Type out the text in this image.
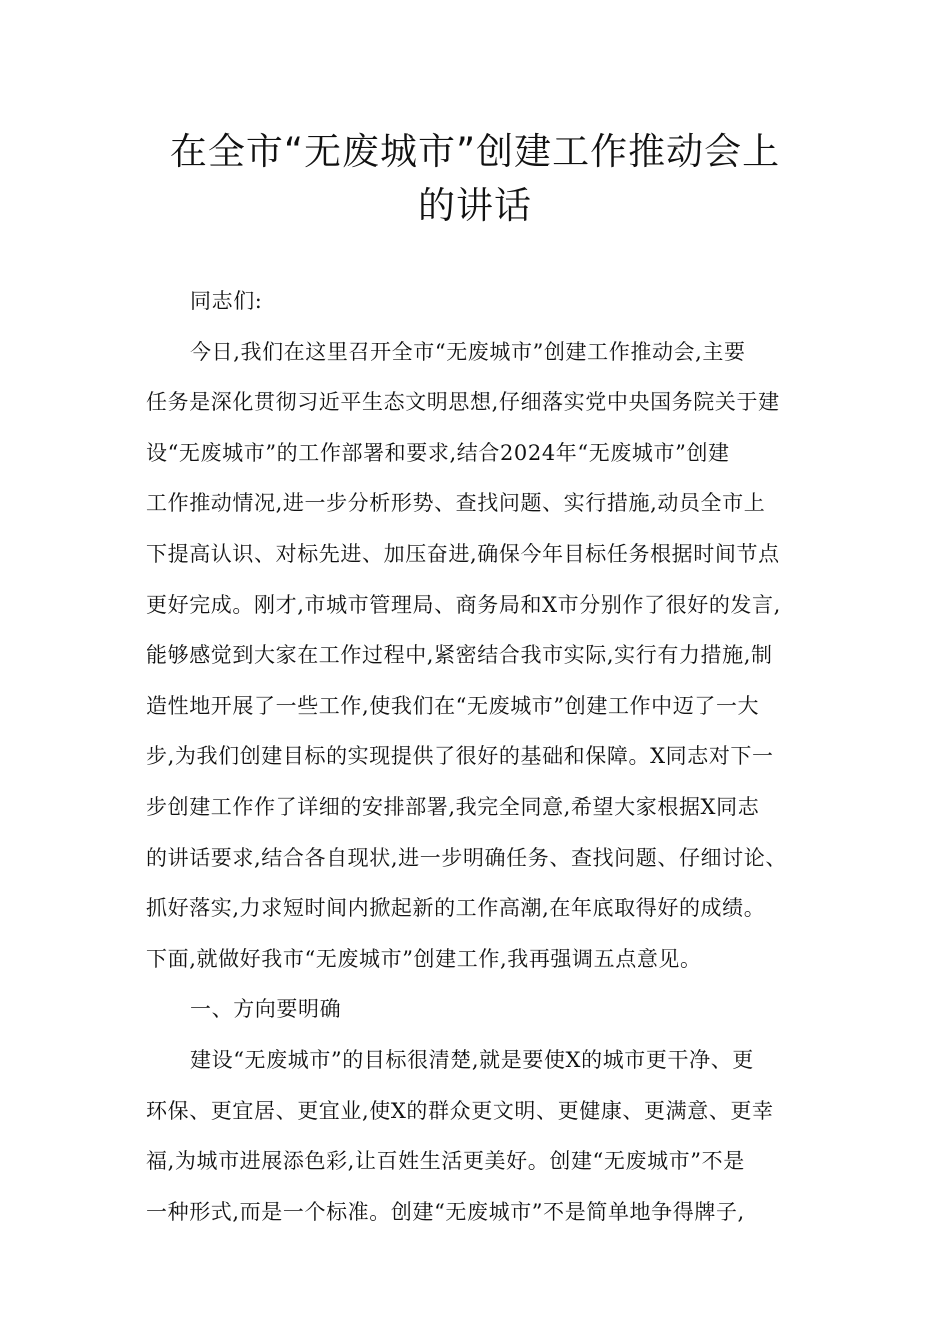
在全市“无废城市”创建工作推动会上
的讲话
同志们:
今日,我们在这里召开全市“无废城市”创建工作推动会,主要
任务是深化贯彻习近平生态文明思想,仔细落实党中央国务院关于建
设“无废城市”的工作部署和要求,结合2024年“无废城市”创建
工作推动情况,进一步分析形势、查找问题、实行措施,动员全市上
下提高认识、对标先进、加压奋进,确保今年目标任务根据时间节点
更好完成。刚才,市城市管理局、商务局和X市分别作了很好的发言,
能够感觉到大家在工作过程中,紧密结合我市实际,实行有力措施,制
造性地开展了一些工作,使我们在“无废城市”创建工作中迈了一大
步,为我们创建目标的实现提供了很好的基础和保障。X同志对下一
步创建工作作了详细的安排部署,我完全同意,希望大家根据X同志
的讲话要求,结合各自现状,进一步明确任务、查找问题、仔细讨论、
抓好落实,力求短时间内掀起新的工作高潮,在年底取得好的成绩。
下面,就做好我市“无废城市”创建工作,我再强调五点意见。
一、方向要明确
建设“无废城市”的目标很清楚,就是要使X的城市更干净、更
环保、更宜居、更宜业,使X的群众更文明、更健康、更满意、更幸
福,为城市进展添色彩,让百姓生活更美好。创建“无废城市”不是
一种形式,而是一个标准。创建“无废城市”不是简单地争得牌子,
